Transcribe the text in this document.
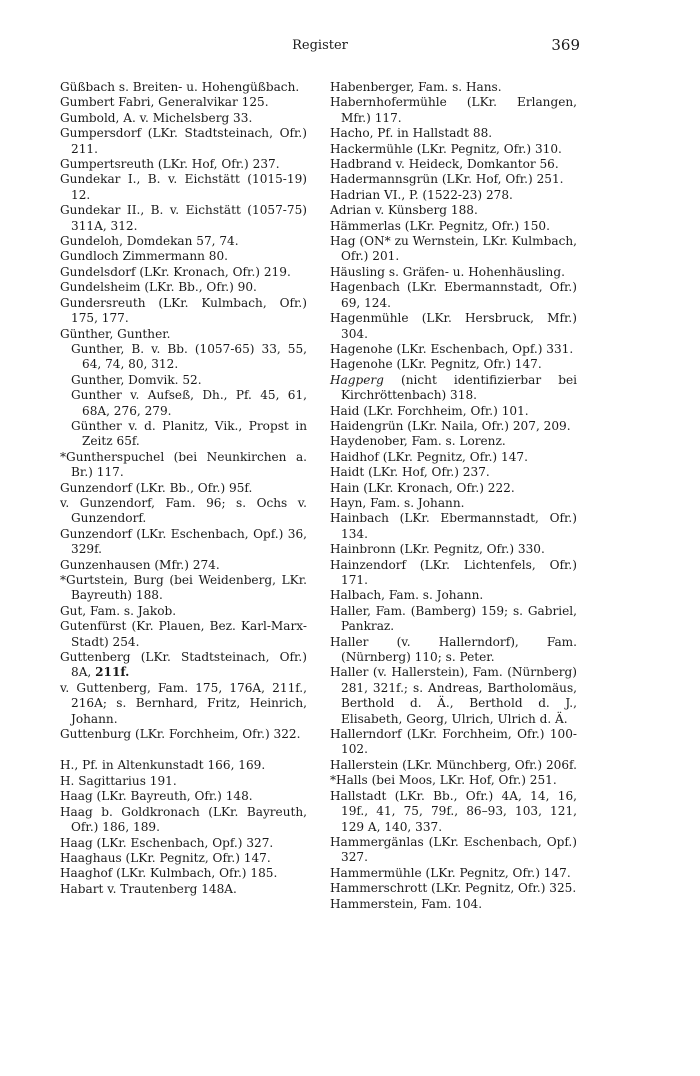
Register	369

Güßbach s. Breiten- u. Hohengüßbach.

Gumbert Fabri, Generalvikar 125.

Gumbold, A. v. Michelsberg 33.

Gumpersdorf (LKr. Stadtsteinach, Ofr.) 211.

Gumpertsreuth (LKr. Hof, Ofr.) 237.

Gundekar I., B. v. Eichstätt (1015-19) 12.

Gundekar II., B. v. Eichstätt (1057-75) 311A, 312.

Gundeloh, Domdekan 57, 74.

Gundloch Zimmermann 80.

Gundelsdorf (LKr. Kronach, Ofr.) 219.

Gundelsheim (LKr. Bb., Ofr.) 90.

Gundersreuth (LKr. Kulmbach, Ofr.) 175, 177.

Günther, Gunther.

Gunther, B. v. Bb. (1057-65) 33, 55, 64, 74, 80, 312.

Gunther, Domvik. 52.

Gunther v. Aufseß, Dh., Pf. 45, 61, 68A, 276, 279.

Günther v. d. Planitz, Vik., Propst in Zeitz 65f.

*Guntherspuchel (bei Neunkirchen a. Br.) 117.

Gunzendorf (LKr. Bb., Ofr.) 95f.

v. Gunzendorf, Fam. 96; s. Ochs v. Gunzendorf.

Gunzendorf (LKr. Eschenbach, Opf.) 36, 329f.

Gunzenhausen (Mfr.) 274.

*Gurtstein, Burg (bei Weidenberg, LKr. Bayreuth) 188.

Gut, Fam. s. Jakob.

Gutenfürst (Kr. Plauen, Bez. Karl-Marx-Stadt) 254.

Guttenberg (LKr. Stadtsteinach, Ofr.) 8A, 211f.

v. Guttenberg, Fam. 175, 176A, 211f., 216A; s. Bernhard, Fritz, Heinrich, Johann.

Guttenburg (LKr. Forchheim, Ofr.) 322.

H., Pf. in Altenkunstadt 166, 169.

H. Sagittarius 191.

Haag (LKr. Bayreuth, Ofr.) 148.

Haag b. Goldkronach (LKr. Bayreuth, Ofr.) 186, 189.

Haag (LKr. Eschenbach, Opf.) 327.

Haaghaus (LKr. Pegnitz, Ofr.) 147.

Haaghof (LKr. Kulmbach, Ofr.) 185.

Habart v. Trautenberg 148A.

Habenberger, Fam. s. Hans.

Habernhofermühle (LKr. Erlangen, Mfr.) 117.

Hacho, Pf. in Hallstadt 88.

Hackermühle (LKr. Pegnitz, Ofr.) 310.

Hadbrand v. Heideck, Domkantor 56.

Hadermannsgrün (LKr. Hof, Ofr.) 251.

Hadrian VI., P. (1522-23) 278.

Adrian v. Künsberg 188.

Hämmerlas (LKr. Pegnitz, Ofr.) 150.

Hag (ON* zu Wernstein, LKr. Kulmbach, Ofr.) 201.

Häusling s. Gräfen- u. Hohenhäusling.

Hagenbach (LKr. Ebermannstadt, Ofr.) 69, 124.

Hagenmühle (LKr. Hersbruck, Mfr.) 304.

Hagenohe (LKr. Eschenbach, Opf.) 331.

Hagenohe (LKr. Pegnitz, Ofr.) 147.

Hagperg (nicht identifizierbar bei Kirchröttenbach) 318.

Haid (LKr. Forchheim, Ofr.) 101.

Haidengrün (LKr. Naila, Ofr.) 207, 209.

Haydenober, Fam. s. Lorenz.

Haidhof (LKr. Pegnitz, Ofr.) 147.

Haidt (LKr. Hof, Ofr.) 237.

Hain (LKr. Kronach, Ofr.) 222.

Hayn, Fam. s. Johann.

Hainbach (LKr. Ebermannstadt, Ofr.) 134.

Hainbronn (LKr. Pegnitz, Ofr.) 330.

Hainzendorf (LKr. Lichtenfels, Ofr.) 171.

Halbach, Fam. s. Johann.

Haller, Fam. (Bamberg) 159; s. Gabriel, Pankraz.

Haller (v. Hallerndorf), Fam. (Nürnberg) 110; s. Peter.

Haller (v. Hallerstein), Fam. (Nürnberg) 281, 321f.; s. Andreas, Bartholomäus, Berthold d. Ä., Berthold d. J., Elisabeth, Georg, Ulrich, Ulrich d. Ä.

Hallerndorf (LKr. Forchheim, Ofr.) 100-102.

Hallerstein (LKr. Münchberg, Ofr.) 206f.

*Halls (bei Moos, LKr. Hof, Ofr.) 251.

Hallstadt (LKr. Bb., Ofr.) 4A, 14, 16, 19f., 41, 75, 79f., 86–93, 103, 121, 129 A, 140, 337.

Hammergänlas (LKr. Eschenbach, Opf.) 327.

Hammermühle (LKr. Pegnitz, Ofr.) 147.

Hammerschrott (LKr. Pegnitz, Ofr.) 325.

Hammerstein, Fam. 104.
